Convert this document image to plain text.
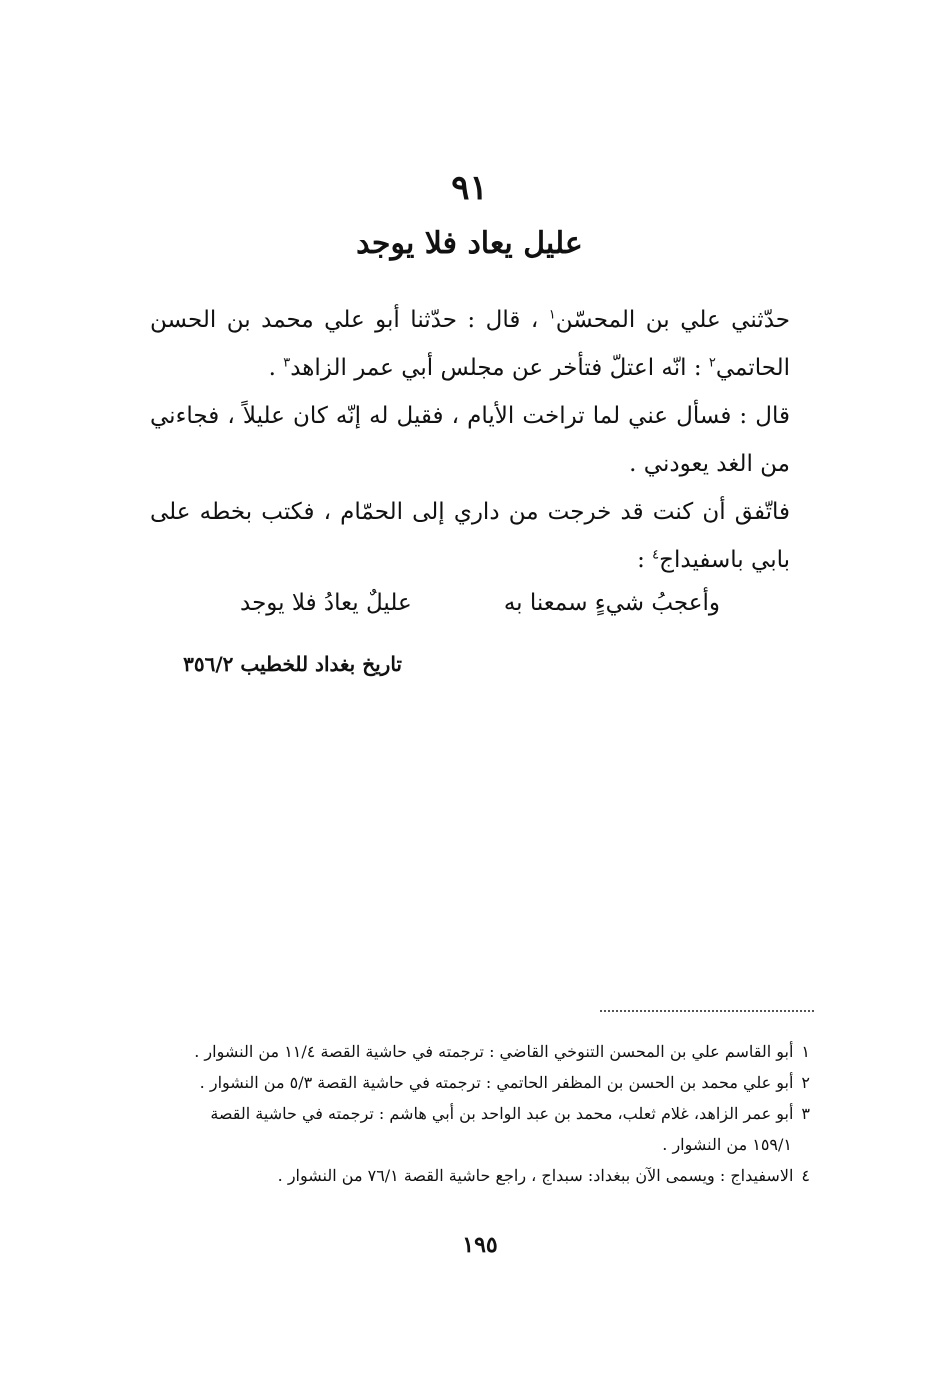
٩١
عليل يعاد فلا يوجد

حدّثني علي بن المحسّن$^١$ ، قال : حدّثنا أبو علي محمد بن الحسن الحاتمي$^٢$ : انّه اعتلّ فتأخر عن مجلس أبي عمر الزاهد$^٣$ .

قال : فسأل عني لما تراخت الأيام ، فقيل له إنّه كان عليلاً ، فجاءني من الغد يعودني .

فاتّفق أن كنت قد خرجت من داري إلى الحمّام ، فكتب بخطه على بابي باسفيداج$^٤$ :

وأعجبُ شيءٍ سمعنا به
عليلٌ يعادُ فلا يوجد
تاريخ بغداد للخطيب ٣٥٦/٢

١أبو القاسم علي بن المحسن التنوخي القاضي : ترجمته في حاشية القصة ١١/٤ من النشوار .

٢أبو علي محمد بن الحسن بن المظفر الحاتمي : ترجمته في حاشية القصة ٥/٣ من النشوار .

٣أبو عمر الزاهد، غلام ثعلب، محمد بن عبد الواحد بن أبي هاشم : ترجمته في حاشية القصة

١٥٩/١ من النشوار .

٤الاسفيداج : ويسمى الآن ببغداد: سبداج ، راجع حاشية القصة ٧٦/١ من النشوار .

١٩٥
